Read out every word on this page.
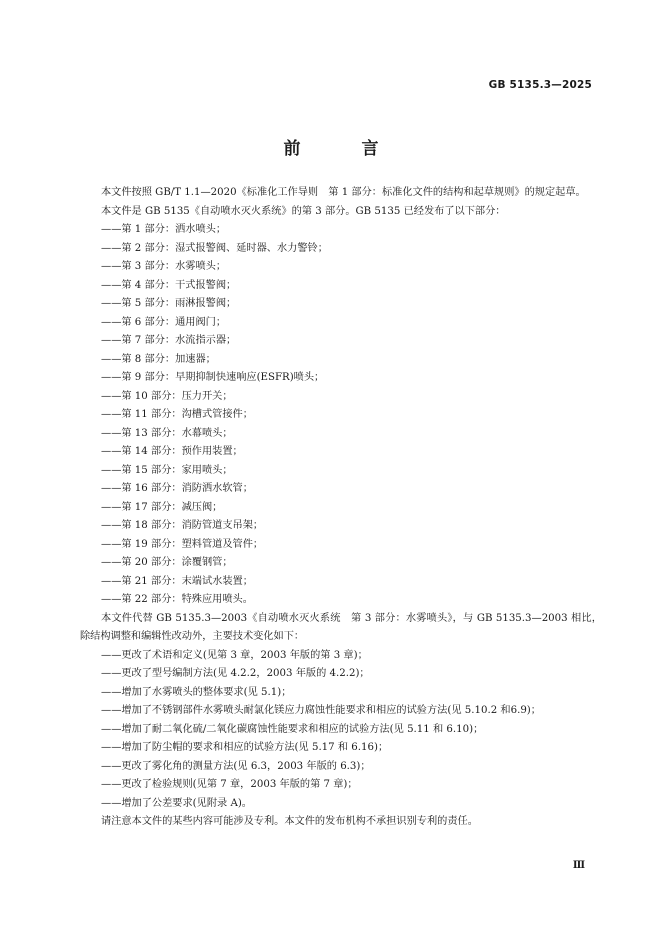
GB 5135.3—2025
前　言

本文件按照 GB/T 1.1—2020《标准化工作导则　第 1 部分：标准化文件的结构和起草规则》的规定起草。

本文件是 GB 5135《自动喷水灭火系统》的第 3 部分。GB 5135 已经发布了以下部分：

——第 1 部分：洒水喷头；

——第 2 部分：湿式报警阀、延时器、水力警铃；

——第 3 部分：水雾喷头；

——第 4 部分：干式报警阀；

——第 5 部分：雨淋报警阀；

——第 6 部分：通用阀门；

——第 7 部分：水流指示器；

——第 8 部分：加速器；

——第 9 部分：早期抑制快速响应(ESFR)喷头；

——第 10 部分：压力开关；

——第 11 部分：沟槽式管接件；

——第 13 部分：水幕喷头；

——第 14 部分：预作用装置；

——第 15 部分：家用喷头；

——第 16 部分：消防洒水软管；

——第 17 部分：减压阀；

——第 18 部分：消防管道支吊架；

——第 19 部分：塑料管道及管件；

——第 20 部分：涂覆钢管；

——第 21 部分：末端试水装置；

——第 22 部分：特殊应用喷头。

本文件代替 GB 5135.3—2003《自动喷水灭火系统　第 3 部分：水雾喷头》，与 GB 5135.3—2003 相比，除结构调整和编辑性改动外，主要技术变化如下：

——更改了术语和定义(见第 3 章，2003 年版的第 3 章)；

——更改了型号编制方法(见 4.2.2，2003 年版的 4.2.2)；

——增加了水雾喷头的整体要求(见 5.1)；

——增加了不锈钢部件水雾喷头耐氯化镁应力腐蚀性能要求和相应的试验方法(见 5.10.2 和6.9)；

——增加了耐二氧化硫/二氧化碳腐蚀性能要求和相应的试验方法(见 5.11 和 6.10)；

——增加了防尘帽的要求和相应的试验方法(见 5.17 和 6.16)；

——更改了雾化角的测量方法(见 6.3，2003 年版的 6.3)；

——更改了检验规则(见第 7 章，2003 年版的第 7 章)；

——增加了公差要求(见附录 A)。

请注意本文件的某些内容可能涉及专利。本文件的发布机构不承担识别专利的责任。

Ⅲ
